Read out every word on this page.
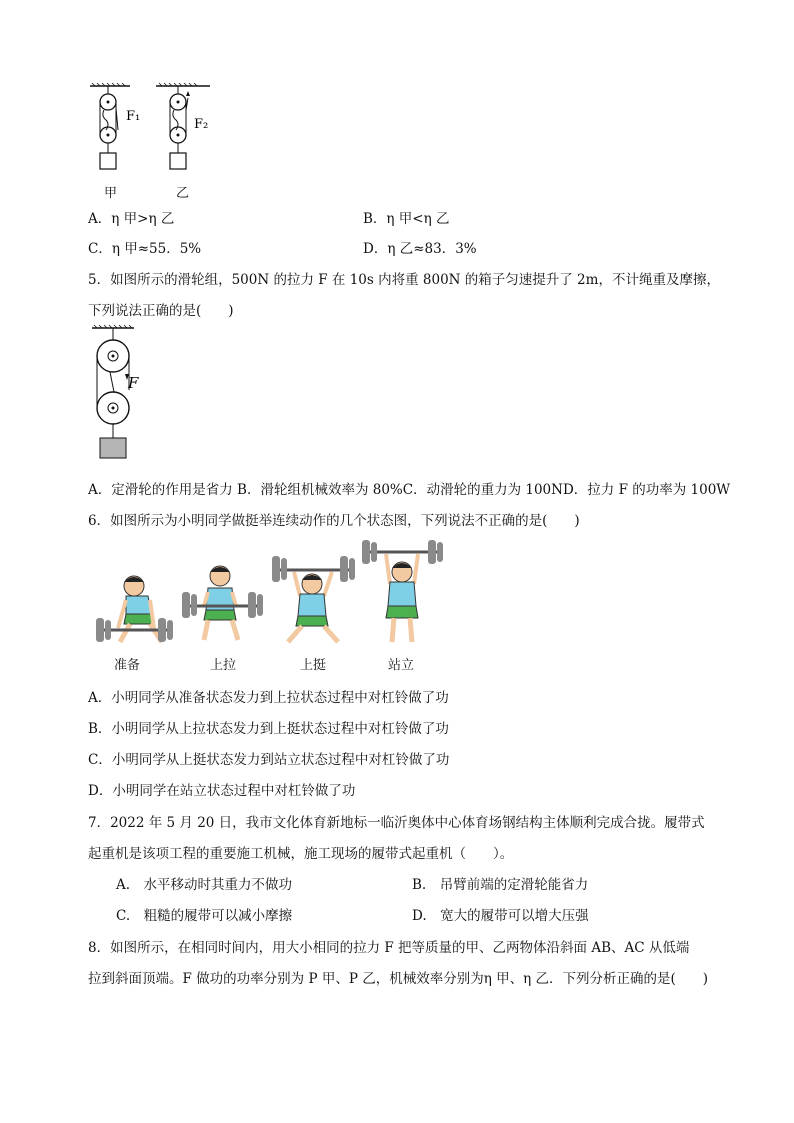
F₁
F₂
甲	乙
A．η 甲>η 乙	B．η 甲<η 乙
C．η 甲≈55．5%	D．η 乙≈83．3%
5．如图所示的滑轮组，500N 的拉力 F 在 10s 内将重 800N 的箱子匀速提升了 2m，不计绳重及摩擦，
下列说法正确的是(　　)
F
A．定滑轮的作用是省力 B．滑轮组机械效率为 80%C．动滑轮的重力为 100ND．拉力 F 的功率为 100W
6．如图所示为小明同学做挺举连续动作的几个状态图，下列说法不正确的是(　　)
准备	上拉	上挺	站立
A．小明同学从准备状态发力到上拉状态过程中对杠铃做了功
B．小明同学从上拉状态发力到上挺状态过程中对杠铃做了功
C．小明同学从上挺状态发力到站立状态过程中对杠铃做了功
D．小明同学在站立状态过程中对杠铃做了功
7．2022 年 5 月 20 日，我市文化体育新地标一临沂奥体中心体育场钢结构主体顺利完成合拢。履带式
起重机是该项工程的重要施工机械，施工现场的履带式起重机（　　）。
A.　水平移动时其重力不做功	B.　吊臂前端的定滑轮能省力
C.　粗糙的履带可以减小摩擦	D.　宽大的履带可以增大压强
8．如图所示，在相同时间内，用大小相同的拉力 F 把等质量的甲、乙两物体沿斜面 AB、AC 从低端
拉到斜面顶端。F 做功的功率分别为 P 甲、P 乙，机械效率分别为η 甲、η 乙．下列分析正确的是(　　)
